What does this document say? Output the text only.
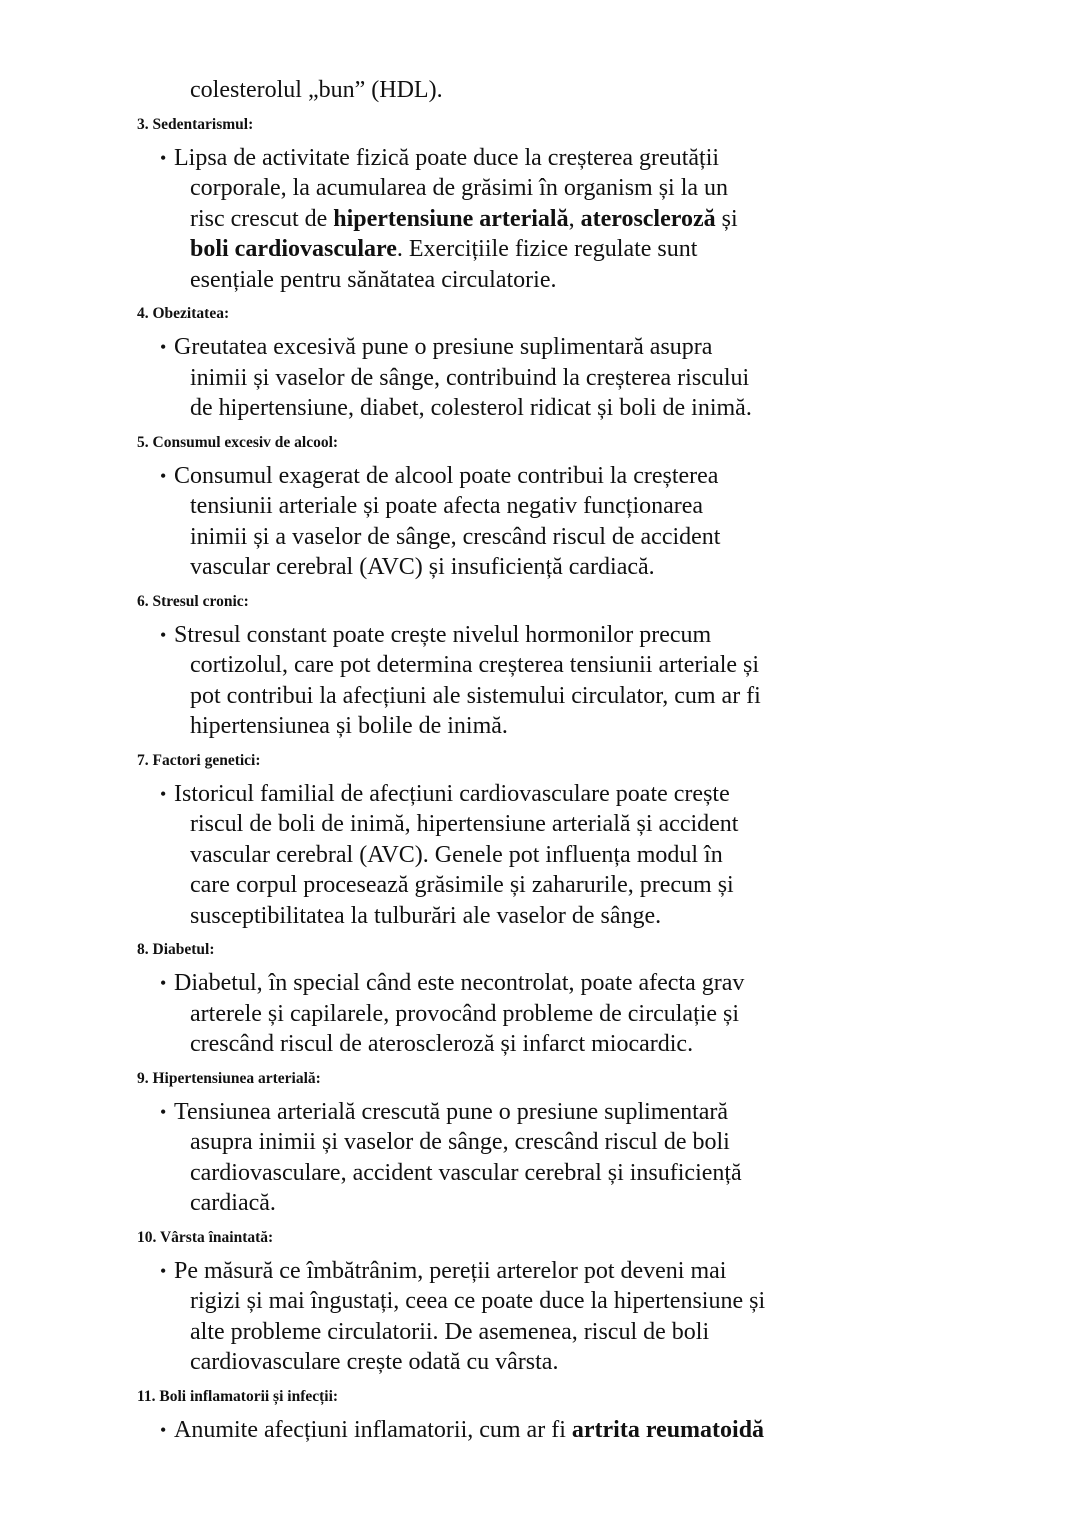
colesterolul „bun” (HDL).
3. Sedentarismul:
• Lipsa de activitate fizică poate duce la creșterea greutății
corporale, la acumularea de grăsimi în organism și la un
risc crescut de hipertensiune arterială, ateroscleroză și
boli cardiovasculare. Exercițiile fizice regulate sunt
esențiale pentru sănătatea circulatorie.
4. Obezitatea:
• Greutatea excesivă pune o presiune suplimentară asupra
inimii și vaselor de sânge, contribuind la creșterea riscului
de hipertensiune, diabet, colesterol ridicat și boli de inimă.
5. Consumul excesiv de alcool:
• Consumul exagerat de alcool poate contribui la creșterea
tensiunii arteriale și poate afecta negativ funcționarea
inimii și a vaselor de sânge, crescând riscul de accident
vascular cerebral (AVC) și insuficiență cardiacă.
6. Stresul cronic:
• Stresul constant poate crește nivelul hormonilor precum
cortizolul, care pot determina creșterea tensiunii arteriale și
pot contribui la afecțiuni ale sistemului circulator, cum ar fi
hipertensiunea și bolile de inimă.
7. Factori genetici:
• Istoricul familial de afecțiuni cardiovasculare poate crește
riscul de boli de inimă, hipertensiune arterială și accident
vascular cerebral (AVC). Genele pot influența modul în
care corpul procesează grăsimile și zaharurile, precum și
susceptibilitatea la tulburări ale vaselor de sânge.
8. Diabetul:
• Diabetul, în special când este necontrolat, poate afecta grav
arterele și capilarele, provocând probleme de circulație și
crescând riscul de ateroscleroză și infarct miocardic.
9. Hipertensiunea arterială:
• Tensiunea arterială crescută pune o presiune suplimentară
asupra inimii și vaselor de sânge, crescând riscul de boli
cardiovasculare, accident vascular cerebral și insuficiență
cardiacă.
10. Vârsta înaintată:
• Pe măsură ce îmbătrânim, pereții arterelor pot deveni mai
rigizi și mai îngustați, ceea ce poate duce la hipertensiune și
alte probleme circulatorii. De asemenea, riscul de boli
cardiovasculare crește odată cu vârsta.
11. Boli inflamatorii și infecții:
• Anumite afecțiuni inflamatorii, cum ar fi artrita reumatoidă
